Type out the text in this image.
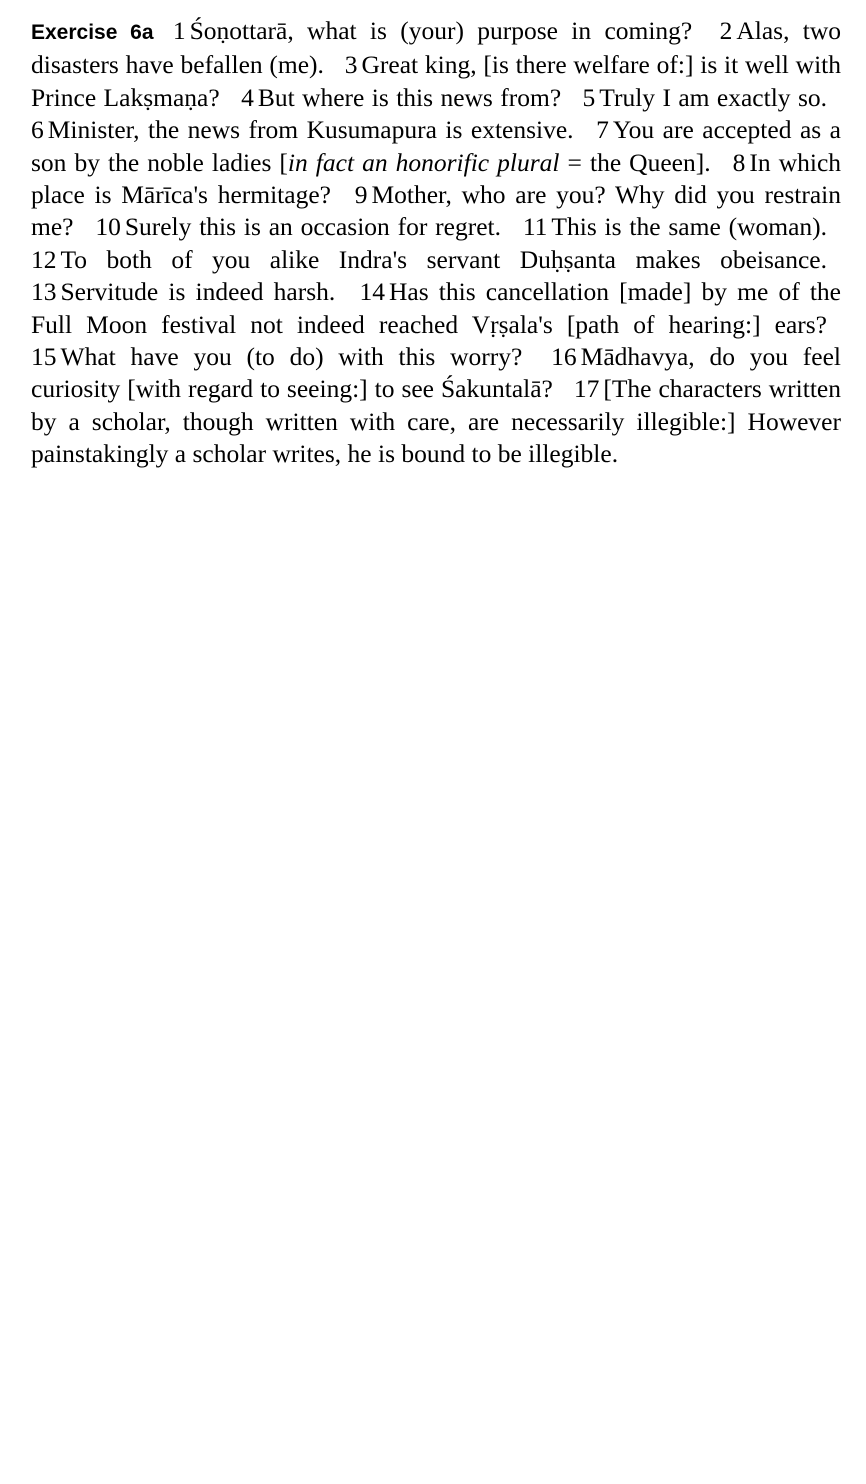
Exercise 6a 1 Śoṇottarā, what is (your) purpose in coming? 2 Alas, two disasters have befallen (me). 3 Great king, [is there welfare of:] is it well with Prince Lakṣmaṇa? 4 But where is this news from? 5 Truly I am exactly so. 6 Minister, the news from Kusumapura is extensive. 7 You are accepted as a son by the noble ladies [in fact an honorific plural = the Queen]. 8 In which place is Mārīca's hermitage? 9 Mother, who are you? Why did you restrain me? 10 Surely this is an occasion for regret. 11 This is the same (woman). 12 To both of you alike Indra's servant Duḥṣanta makes obeisance. 13 Servitude is indeed harsh. 14 Has this cancellation [made] by me of the Full Moon festival not indeed reached Vṛṣala's [path of hearing:] ears? 15 What have you (to do) with this worry? 16 Mādhavya, do you feel curiosity [with regard to seeing:] to see Śakuntalā? 17 [The characters written by a scholar, though written with care, are necessarily illegible:] However painstakingly a scholar writes, he is bound to be illegible.
